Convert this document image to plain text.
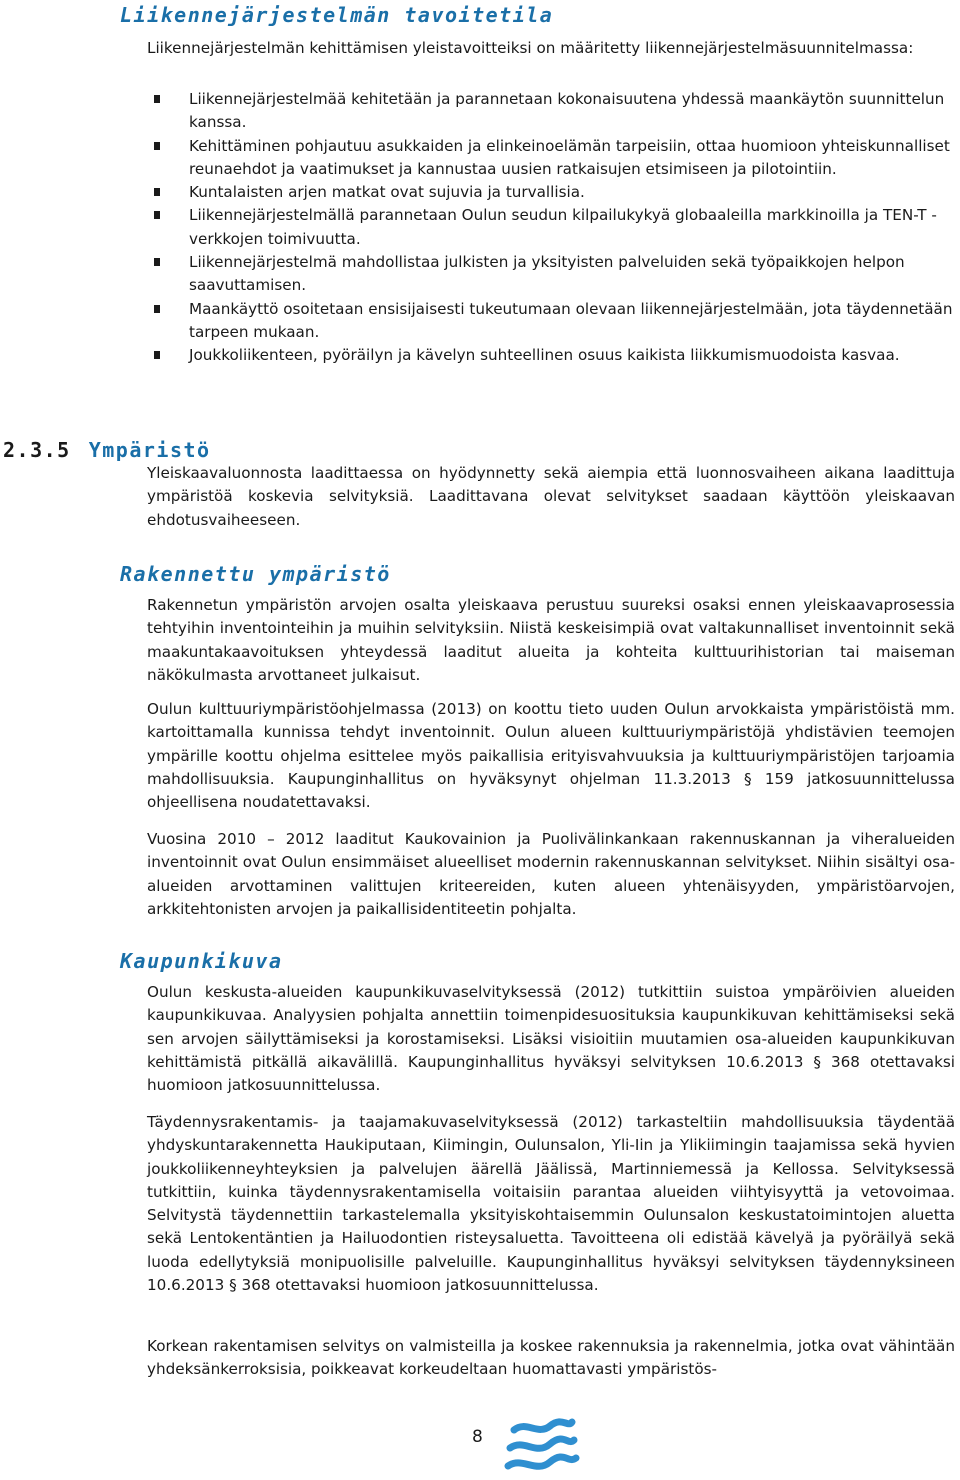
Liikennejärjestelmän tavoitetila

Liikennejärjestelmän kehittämisen yleistavoitteiksi on määritetty liikennejärjestelmäsuunnitelmassa:

Liikennejärjestelmää kehitetään ja parannetaan kokonaisuutena yhdessä maankäytön suunnittelun kanssa.
Kehittäminen pohjautuu asukkaiden ja elinkeinoelämän tarpeisiin, ottaa huomioon yhteiskunnalliset reunaehdot ja vaatimukset ja kannustaa uusien ratkaisujen etsimiseen ja pilotointiin.
Kuntalaisten arjen matkat ovat sujuvia ja turvallisia.
Liikennejärjestelmällä parannetaan Oulun seudun kilpailukykyä globaaleilla markkinoilla ja TEN-T -verkkojen toimivuutta.
Liikennejärjestelmä mahdollistaa julkisten ja yksityisten palveluiden sekä työpaikkojen helpon saavuttamisen.
Maankäyttö osoitetaan ensisijaisesti tukeutumaan olevaan liikennejärjestelmään, jota täydennetään tarpeen mukaan.
Joukkoliikenteen, pyöräilyn ja kävelyn suhteellinen osuus kaikista liikkumismuodoista kasvaa.
2.3.5 Ympäristö

Yleiskaavaluonnosta laadittaessa on hyödynnetty sekä aiempia että luonnosvaiheen aikana laadittuja ympäristöä koskevia selvityksiä. Laadittavana olevat selvitykset saadaan käyttöön yleiskaavan ehdotusvaiheeseen.

Rakennettu ympäristö

Rakennetun ympäristön arvojen osalta yleiskaava perustuu suureksi osaksi ennen yleiskaavaprosessia tehtyihin inventointeihin ja muihin selvityksiin. Niistä keskeisimpiä ovat valtakunnalliset inventoinnit sekä maakuntakaavoituksen yhteydessä laaditut alueita ja kohteita kulttuurihistorian tai maiseman näkökulmasta arvottaneet julkaisut.

Oulun kulttuuriympäristöohjelmassa (2013) on koottu tieto uuden Oulun arvokkaista ympäristöistä mm. kartoittamalla kunnissa tehdyt inventoinnit. Oulun alueen kulttuuriympäristöjä yhdistävien teemojen ympärille koottu ohjelma esittelee myös paikallisia erityisvahvuuksia ja kulttuuriympäristöjen tarjoamia mahdollisuuksia. Kaupunginhallitus on hyväksynyt ohjelman 11.3.2013 § 159 jatkosuunnittelussa ohjeellisena noudatettavaksi.

Vuosina 2010 – 2012 laaditut Kaukovainion ja Puolivälinkankaan rakennuskannan ja viheralueiden inventoinnit ovat Oulun ensimmäiset alueelliset modernin rakennuskannan selvitykset. Niihin sisältyi osa-alueiden arvottaminen valittujen kriteereiden, kuten alueen yhtenäisyyden, ympäristöarvojen, arkkitehtonisten arvojen ja paikallisidentiteetin pohjalta.

Kaupunkikuva

Oulun keskusta-alueiden kaupunkikuvaselvityksessä (2012) tutkittiin suistoa ympäröivien alueiden kaupunkikuvaa. Analyysien pohjalta annettiin toimenpidesuosituksia kaupunkikuvan kehittämiseksi sekä sen arvojen säilyttämiseksi ja korostamiseksi. Lisäksi visioitiin muutamien osa-alueiden kaupunkikuvan kehittämistä pitkällä aikavälillä. Kaupunginhallitus hyväksyi selvityksen 10.6.2013 § 368 otettavaksi huomioon jatkosuunnittelussa.

Täydennysrakentamis- ja taajamakuvaselvityksessä (2012) tarkasteltiin mahdollisuuksia täydentää yhdyskuntarakennetta Haukiputaan, Kiimingin, Oulunsalon, Yli-Iin ja Ylikiimingin taajamissa sekä hyvien joukkoliikenneyhteyksien ja palvelujen äärellä Jäälissä, Martinniemessä ja Kellossa. Selvityksessä tutkittiin, kuinka täydennysrakentamisella voitaisiin parantaa alueiden viihtyisyyttä ja vetovoimaa. Selvitystä täydennettiin tarkastelemalla yksityiskohtaisemmin Oulunsalon keskustatoimintojen aluetta sekä Lentokentäntien ja Hailuodontien risteysaluetta. Tavoitteena oli edistää kävelyä ja pyöräilyä sekä luoda edellytyksiä monipuolisille palveluille. Kaupunginhallitus hyväksyi selvityksen täydennyksineen 10.6.2013 § 368 otettavaksi huomioon jatkosuunnittelussa.

Korkean rakentamisen selvitys on valmisteilla ja koskee rakennuksia ja rakennelmia, jotka ovat vähintään yhdeksänkerroksisia, poikkeavat korkeudeltaan huomattavasti ympäristös-

8
